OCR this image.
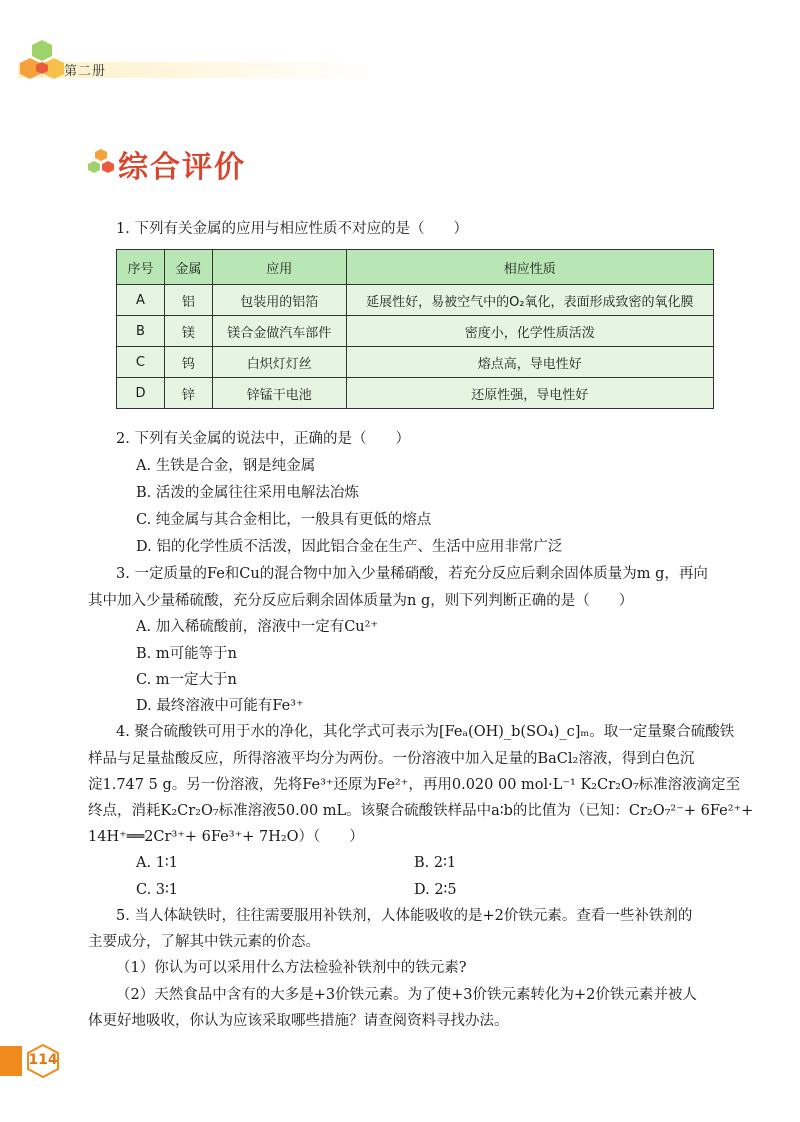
第二册
综合评价
1. 下列有关金属的应用与相应性质不对应的是（　　）
序号	金属	应用	相应性质
A	铝	包装用的铝箔	延展性好，易被空气中的O₂氧化，表面形成致密的氧化膜
B	镁	镁合金做汽车部件	密度小，化学性质活泼
C	钨	白炽灯灯丝	熔点高，导电性好
D	锌	锌锰干电池	还原性强，导电性好
2. 下列有关金属的说法中，正确的是（　　）
A. 生铁是合金，钢是纯金属
B. 活泼的金属往往采用电解法冶炼
C. 纯金属与其合金相比，一般具有更低的熔点
D. 铝的化学性质不活泼，因此铝合金在生产、生活中应用非常广泛
3. 一定质量的Fe和Cu的混合物中加入少量稀硝酸，若充分反应后剩余固体质量为m g，再向
其中加入少量稀硫酸，充分反应后剩余固体质量为n g，则下列判断正确的是（　　）
A. 加入稀硫酸前，溶液中一定有Cu²⁺
B. m可能等于n
C. m一定大于n
D. 最终溶液中可能有Fe³⁺
4. 聚合硫酸铁可用于水的净化，其化学式可表示为[Feₐ(OH)_b(SO₄)_c]ₘ。取一定量聚合硫酸铁
样品与足量盐酸反应，所得溶液平均分为两份。一份溶液中加入足量的BaCl₂溶液，得到白色沉
淀1.747 5 g。另一份溶液，先将Fe³⁺还原为Fe²⁺，再用0.020 00 mol·L⁻¹ K₂Cr₂O₇标准溶液滴定至
终点，消耗K₂Cr₂O₇标准溶液50.00 mL。该聚合硫酸铁样品中a∶b的比值为（已知：Cr₂O₇²⁻+ 6Fe²⁺+
14H⁺══2Cr³⁺+ 6Fe³⁺+ 7H₂O）（　　）
A. 1∶1	B. 2∶1
C. 3∶1	D. 2∶5
5. 当人体缺铁时，往往需要服用补铁剂，人体能吸收的是+2价铁元素。查看一些补铁剂的
主要成分，了解其中铁元素的价态。
（1）你认为可以采用什么方法检验补铁剂中的铁元素?
（2）天然食品中含有的大多是+3价铁元素。为了使+3价铁元素转化为+2价铁元素并被人
体更好地吸收，你认为应该采取哪些措施？请查阅资料寻找办法。
114
